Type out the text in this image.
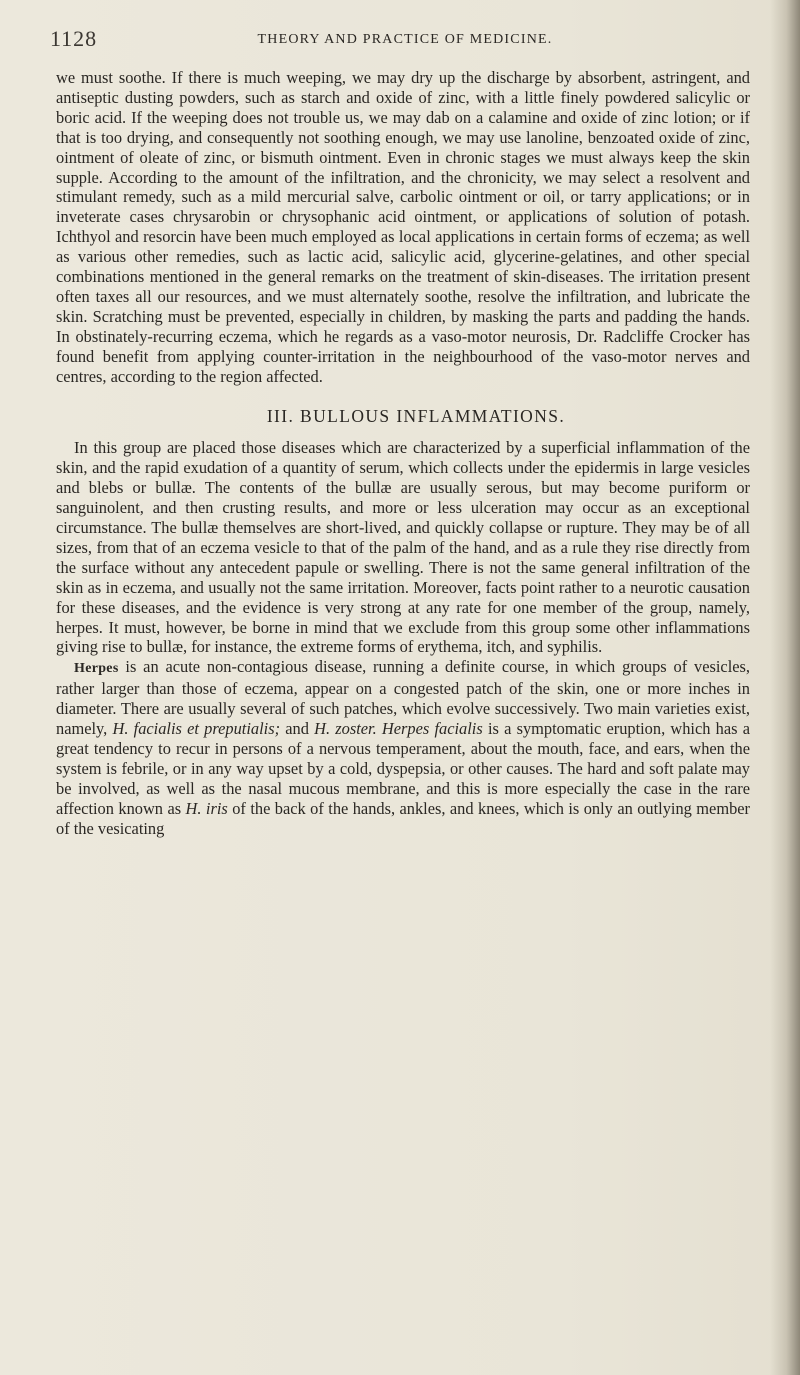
1128	THEORY AND PRACTICE OF MEDICINE.

we must soothe. If there is much weeping, we may dry up the discharge by absorbent, astringent, and antiseptic dusting powders, such as starch and oxide of zinc, with a little finely powdered salicylic or boric acid. If the weeping does not trouble us, we may dab on a calamine and oxide of zinc lotion; or if that is too drying, and consequently not soothing enough, we may use lanoline, benzoated oxide of zinc, ointment of oleate of zinc, or bismuth ointment. Even in chronic stages we must always keep the skin supple. According to the amount of the infiltration, and the chronicity, we may select a resolvent and stimulant remedy, such as a mild mercurial salve, carbolic ointment or oil, or tarry applications; or in inveterate cases chrysarobin or chrysophanic acid ointment, or applications of solution of potash. Ichthyol and resorcin have been much employed as local applications in certain forms of eczema; as well as various other remedies, such as lactic acid, salicylic acid, glycerine-gelatines, and other special combinations mentioned in the general remarks on the treatment of skin-diseases. The irritation present often taxes all our resources, and we must alternately soothe, resolve the infiltration, and lubricate the skin. Scratching must be prevented, especially in children, by masking the parts and padding the hands. In obstinately-recurring eczema, which he regards as a vaso-motor neurosis, Dr. Radcliffe Crocker has found benefit from applying counter-irritation in the neighbourhood of the vaso-motor nerves and centres, according to the region affected.

III. BULLOUS INFLAMMATIONS.

In this group are placed those diseases which are characterized by a superficial inflammation of the skin, and the rapid exudation of a quantity of serum, which collects under the epidermis in large vesicles and blebs or bullæ. The contents of the bullæ are usually serous, but may become puriform or sanguinolent, and then crusting results, and more or less ulceration may occur as an exceptional circumstance. The bullæ themselves are short-lived, and quickly collapse or rupture. They may be of all sizes, from that of an eczema vesicle to that of the palm of the hand, and as a rule they rise directly from the surface without any antecedent papule or swelling. There is not the same general infiltration of the skin as in eczema, and usually not the same irritation. Moreover, facts point rather to a neurotic causation for these diseases, and the evidence is very strong at any rate for one member of the group, namely, herpes. It must, however, be borne in mind that we exclude from this group some other inflammations giving rise to bullæ, for instance, the extreme forms of erythema, itch, and syphilis.

Herpes is an acute non-contagious disease, running a definite course, in which groups of vesicles, rather larger than those of eczema, appear on a congested patch of the skin, one or more inches in diameter. There are usually several of such patches, which evolve successively. Two main varieties exist, namely, H. facialis et preputialis; and H. zoster. Herpes facialis is a symptomatic eruption, which has a great tendency to recur in persons of a nervous temperament, about the mouth, face, and ears, when the system is febrile, or in any way upset by a cold, dyspepsia, or other causes. The hard and soft palate may be involved, as well as the nasal mucous membrane, and this is more especially the case in the rare affection known as H. iris of the back of the hands, ankles, and knees, which is only an outlying member of the vesicating
